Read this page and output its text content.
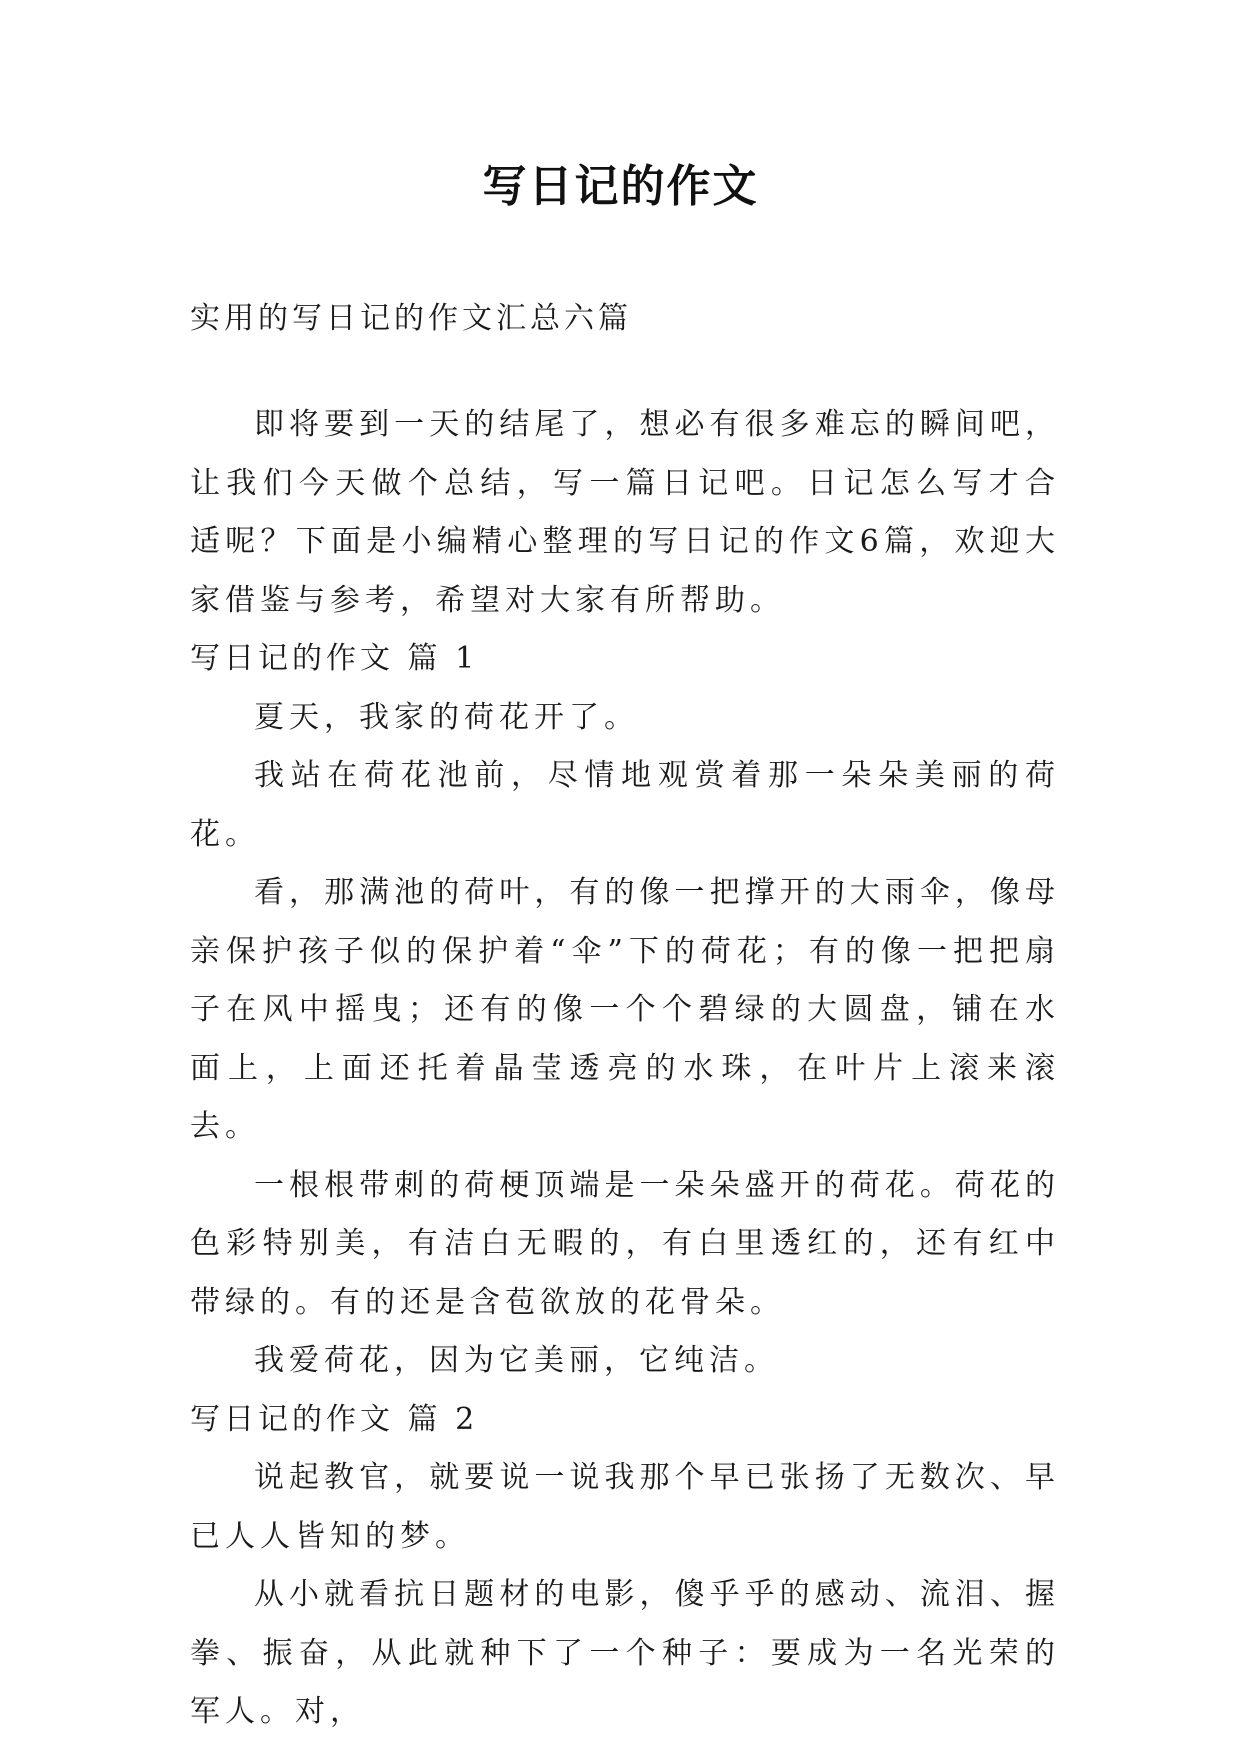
写日记的作文

实用的写日记的作文汇总六篇

即将要到一天的结尾了，想必有很多难忘的瞬间吧，让我们今天做个总结，写一篇日记吧。日记怎么写才合适呢？下面是小编精心整理的写日记的作文6篇，欢迎大家借鉴与参考，希望对大家有所帮助。

写日记的作文 篇 1

夏天，我家的荷花开了。

我站在荷花池前，尽情地观赏着那一朵朵美丽的荷花。

看，那满池的荷叶，有的像一把撑开的大雨伞，像母亲保护孩子似的保护着“伞”下的荷花；有的像一把把扇子在风中摇曳；还有的像一个个碧绿的大圆盘，铺在水面上，上面还托着晶莹透亮的水珠，在叶片上滚来滚去。

一根根带刺的荷梗顶端是一朵朵盛开的荷花。荷花的色彩特别美，有洁白无暇的，有白里透红的，还有红中带绿的。有的还是含苞欲放的花骨朵。

我爱荷花，因为它美丽，它纯洁。

写日记的作文 篇 2

说起教官，就要说一说我那个早已张扬了无数次、早已人人皆知的梦。

从小就看抗日题材的电影，傻乎乎的感动、流泪、握拳、振奋，从此就种下了一个种子：要成为一名光荣的军人。对，
